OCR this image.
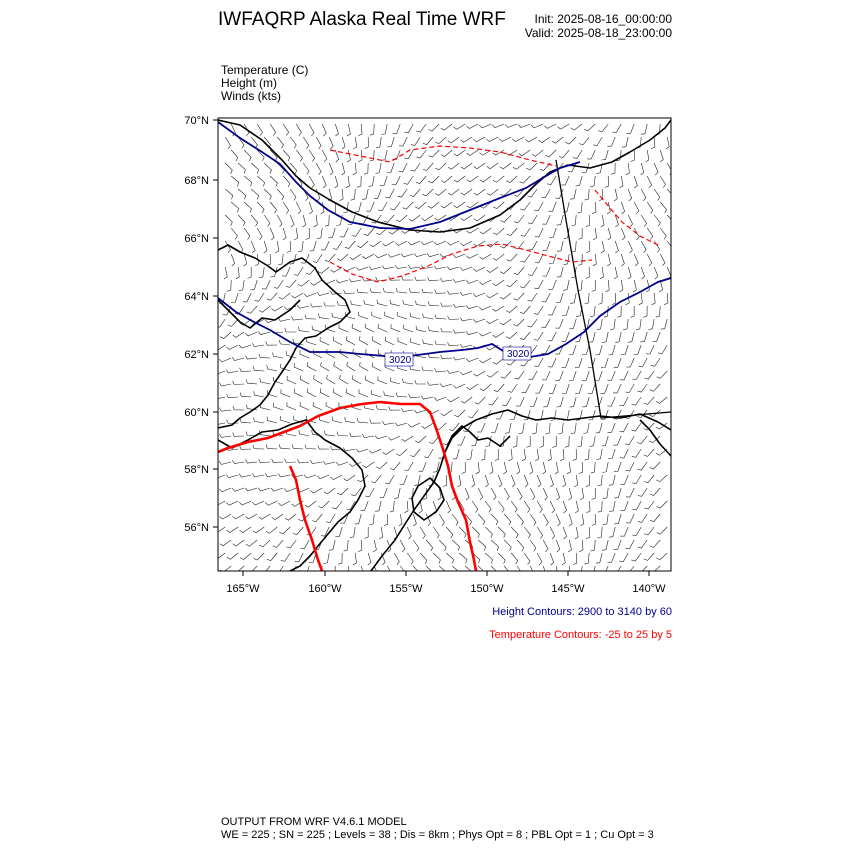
IWFAQRP Alaska Real Time WRF Init: 2025-08-16_00:00:00
Valid: 2025-08-18_23:00:00
Temperature (C)
Height (m)
Winds (kts)
3020
3020
70°N
68°N
66°N
64°N
62°N
60°N
58°N
56°N
165°W	160°W	155°W	150°W	145°W	140°W
Height Contours: 2900 to 3140 by 60
Temperature Contours: -25 to 25 by 5
OUTPUT FROM WRF V4.6.1 MODEL
WE = 225 ; SN = 225 ; Levels = 38 ; Dis = 8km ; Phys Opt = 8 ; PBL Opt = 1 ; Cu Opt = 3
